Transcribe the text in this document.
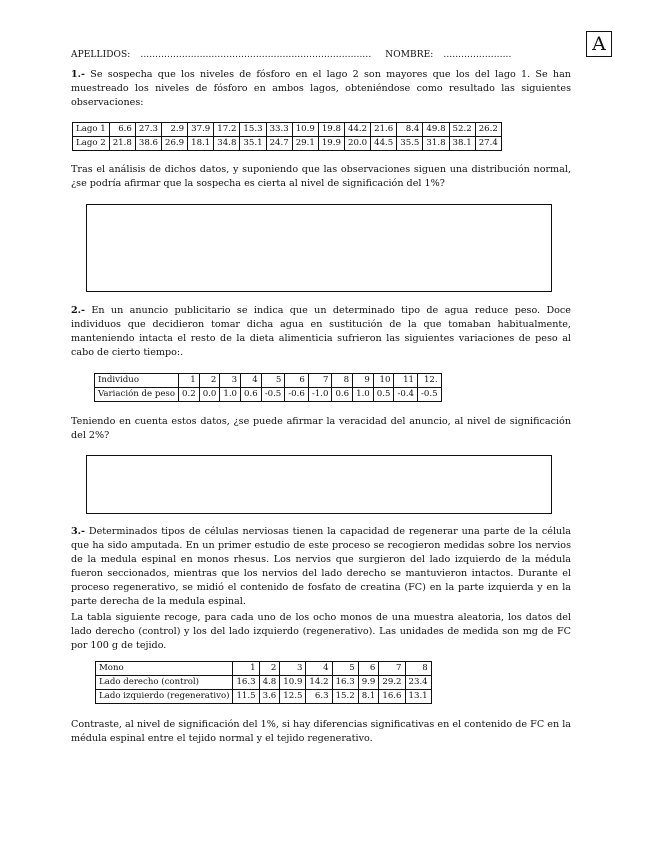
A
APELLIDOS: .............................................................................. NOMBRE: .......................

1.- Se sospecha que los niveles de fósforo en el lago 2 son mayores que los del lago 1. Se han muestreado los niveles de fósforo en ambos lagos, obteniéndose como resultado las siguientes observaciones:

Lago 1	6.6	27.3	2.9	37.9	17.2	15.3	33.3	10.9	19.8	44.2	21.6	8.4	49.8	52.2	26.2
Lago 2	21.8	38.6	26.9	18.1	34.8	35.1	24.7	29.1	19.9	20.0	44.5	35.5	31.8	38.1	27.4

Tras el análisis de dichos datos, y suponiendo que las observaciones siguen una distribución normal, ¿se podría afirmar que la sospecha es cierta al nivel de significación del 1%?

2.- En un anuncio publicitario se indica que un determinado tipo de agua reduce peso. Doce individuos que decidieron tomar dicha agua en sustitución de la que tomaban habitualmente, manteniendo intacta el resto de la dieta alimenticia sufrieron las siguientes variaciones de peso al cabo de cierto tiempo:.

Individuo	1	2	3	4	5	6	7	8	9	10	11	12.
Variación de peso	0.2	0.0	1.0	0.6	-0.5	-0.6	-1.0	0.6	1.0	0.5	-0.4	-0.5

Teniendo en cuenta estos datos, ¿se puede afirmar la veracidad del anuncio, al nivel de significación del 2%?

3.- Determinados tipos de células nerviosas tienen la capacidad de regenerar una parte de la célula que ha sido amputada. En un primer estudio de este proceso se recogieron medidas sobre los nervios de la medula espinal en monos rhesus. Los nervios que surgieron del lado izquierdo de la médula fueron seccionados, mientras que los nervios del lado derecho se mantuvieron intactos. Durante el proceso regenerativo, se midió el contenido de fosfato de creatina (FC) en la parte izquierda y en la parte derecha de la medula espinal.

La tabla siguiente recoge, para cada uno de los ocho monos de una muestra aleatoria, los datos del lado derecho (control) y los del lado izquierdo (regenerativo). Las unidades de medida son mg de FC por 100 g de tejido.

Mono	1	2	3	4	5	6	7	8
Lado derecho (control)	16.3	4.8	10.9	14.2	16.3	9.9	29.2	23.4
Lado izquierdo (regenerativo)	11.5	3.6	12.5	6.3	15.2	8.1	16.6	13.1

Contraste, al nivel de significación del 1%, si hay diferencias significativas en el contenido de FC en la médula espinal entre el tejido normal y el tejido regenerativo.
